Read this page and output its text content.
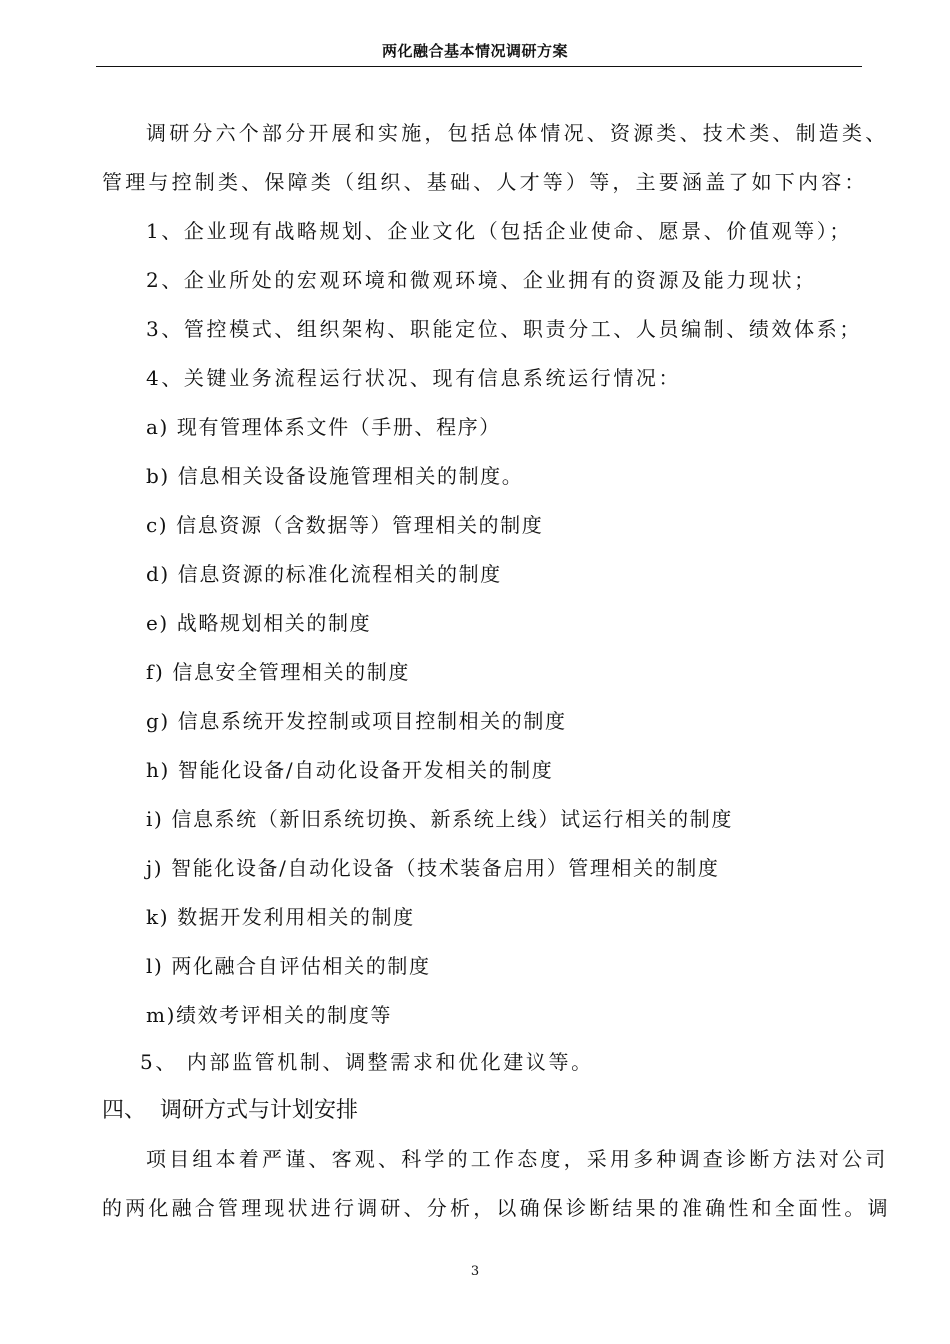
两化融合基本情况调研方案
调研分六个部分开展和实施，包括总体情况、资源类、技术类、制造类、
管理与控制类、保障类（组织、基础、人才等）等，主要涵盖了如下内容：
1、企业现有战略规划、企业文化（包括企业使命、愿景、价值观等）；
2、企业所处的宏观环境和微观环境、企业拥有的资源及能力现状；
3、管控模式、组织架构、职能定位、职责分工、人员编制、绩效体系；
4、关键业务流程运行状况、现有信息系统运行情况：
a) 现有管理体系文件（手册、程序）
b) 信息相关设备设施管理相关的制度。
c) 信息资源（含数据等）管理相关的制度
d) 信息资源的标准化流程相关的制度
e) 战略规划相关的制度
f) 信息安全管理相关的制度
g) 信息系统开发控制或项目控制相关的制度
h) 智能化设备/自动化设备开发相关的制度
i) 信息系统（新旧系统切换、新系统上线）试运行相关的制度
j) 智能化设备/自动化设备（技术装备启用）管理相关的制度
k) 数据开发利用相关的制度
l) 两化融合自评估相关的制度
m)绩效考评相关的制度等
5、 内部监管机制、调整需求和优化建议等。
四、 调研方式与计划安排
项目组本着严谨、客观、科学的工作态度，采用多种调查诊断方法对公司
的两化融合管理现状进行调研、分析，以确保诊断结果的准确性和全面性。调
3
